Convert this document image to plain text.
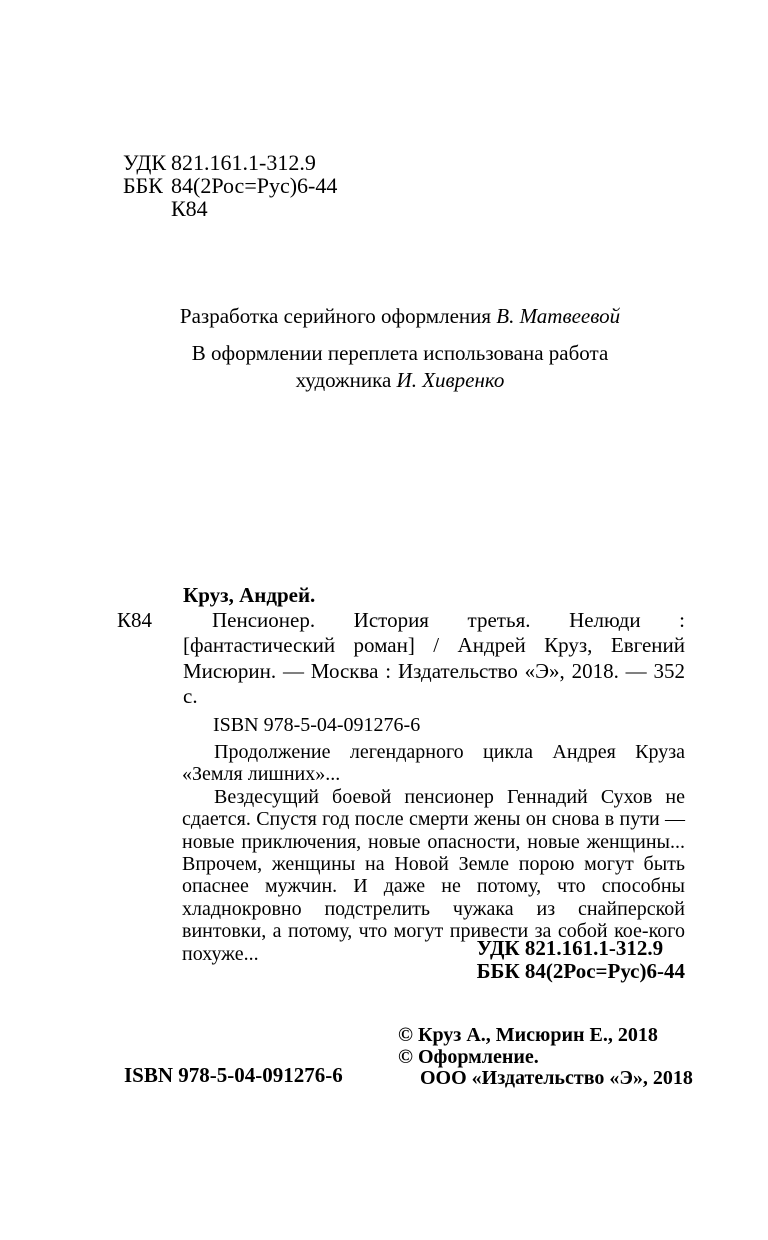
УДК 821.161.1-312.9
ББК 84(2Рос=Рус)6-44
К84

Разработка серийного оформления В. Матвеевой

В оформлении переплета использована работа
художника И. Хивренко

К84
Круз, Андрей.

Пенсионер. История третья. Нелюди : [фантастический роман] / Андрей Круз, Евгений Мисюрин. — Москва : Издательство «Э», 2018. — 352 с.

ISBN 978-5-04-091276-6

Продолжение легендарного цикла Андрея Круза «Земля лишних»...

Вездесущий боевой пенсионер Геннадий Сухов не сдается. Спустя год после смерти жены он снова в пути — новые приключения, новые опасности, новые женщины... Впрочем, женщины на Новой Земле порою могут быть опаснее мужчин. И даже не потому, что способны хладнокровно подстрелить чужака из снайперской винтовки, а потому, что могут привести за собой кое-кого похуже...	УДК 821.161.1-312.9
ББК 84(2Рос=Рус)6-44
ISBN 978-5-04-091276-6
© Круз А., Мисюрин Е., 2018
© Оформление.
ООО «Издательство «Э», 2018
